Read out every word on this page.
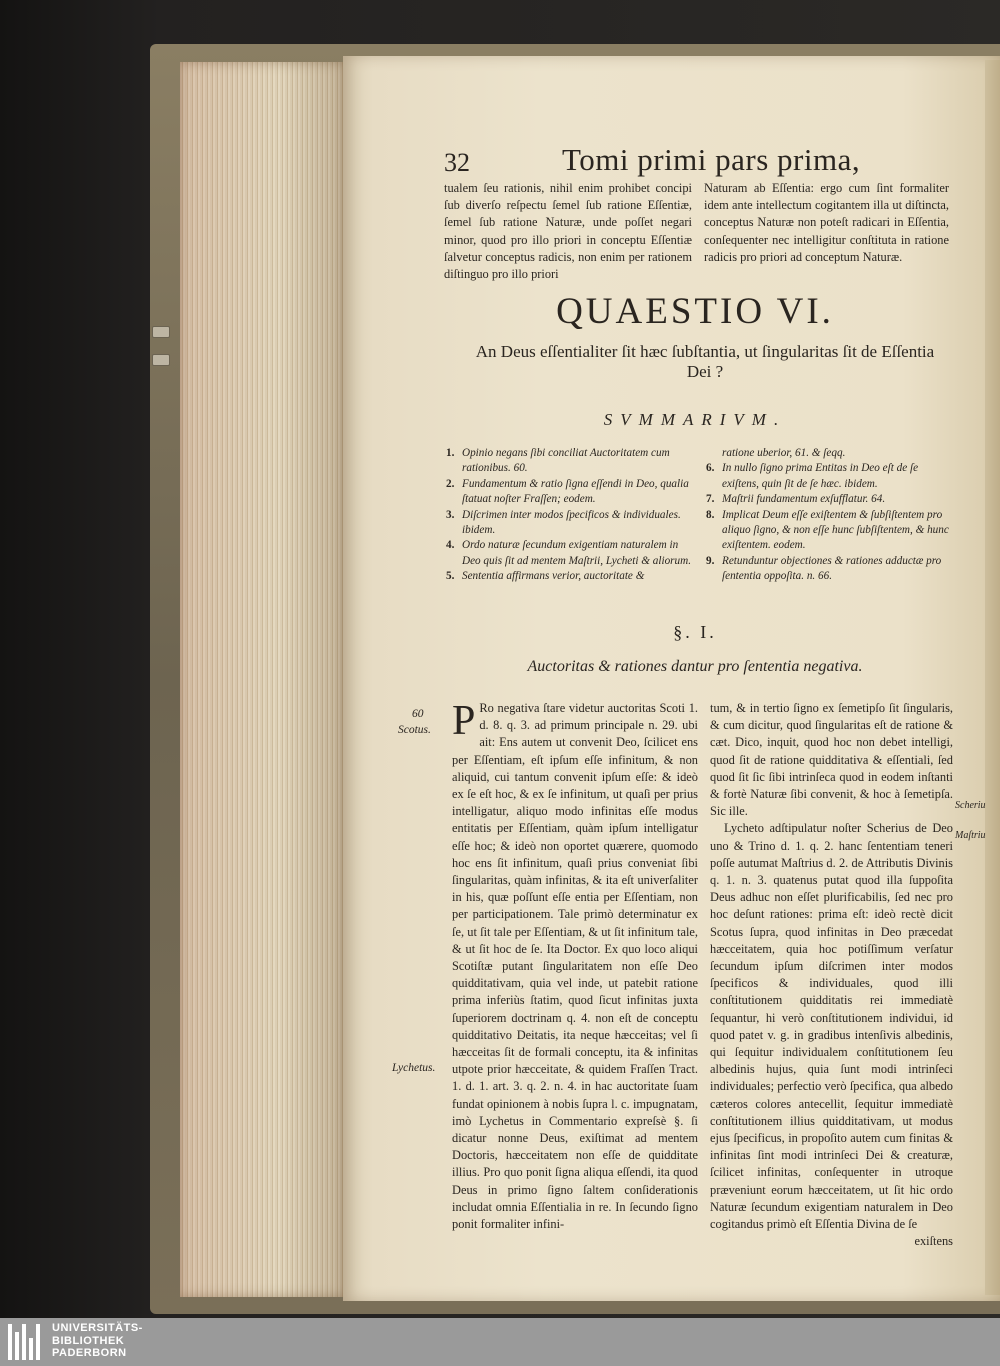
32	Tomi primi pars prima,

tualem ſeu rationis, nihil enim prohibet concipi ſub diverſo reſpectu ſemel ſub ratione Eſſentiæ, ſemel ſub ratione Naturæ, unde poſſet negari minor, quod pro illo priori in conceptu Eſſentiæ ſalvetur conceptus radicis, non enim per rationem diſtinguo pro illo priori

Naturam ab Eſſentia: ergo cum ſint formaliter idem ante intellectum cogitantem illa ut diſtincta, conceptus Naturæ non poteſt radicari in Eſſentia, conſequenter nec intelligitur conſtituta in ratione radicis pro priori ad conceptum Naturæ.

QUAESTIO VI.
An Deus eſſentialiter ſit hæc ſubſtantia, ut ſingularitas ſit de Eſſentia Dei ?
SVMMARIVM.
1. Opinio negans ſibi conciliat Auctoritatem cum rationibus. 60.
2. Fundamentum & ratio ſigna eſſendi in Deo, qualia ſtatuat noſter Fraſſen; eodem.
3. Diſcrimen inter modos ſpecificos & individuales. ibidem.
4. Ordo naturæ ſecundum exigentiam naturalem in Deo quis ſit ad mentem Maſtrii, Lycheti & aliorum.
5. Sententia affirmans verior, auctoritate &
ratione uberior, 61. & ſeqq.
6. In nullo ſigno prima Entitas in Deo eſt de ſe exiſtens, quin ſit de ſe hæc. ibidem.
7. Maſtrii fundamentum exſufflatur. 64.
8. Implicat Deum eſſe exiſtentem & ſubſiſtentem pro aliquo ſigno, & non eſſe hunc ſubſiſtentem, & hunc exiſtentem. eodem.
9. Retunduntur objectiones & rationes adductæ pro ſententia oppoſita. n. 66.
§. I.
Auctoritas & rationes dantur pro ſententia negativa.
60
Scotus.
Lychetus.
Scheriu
Maſtriu

P Ro negativa ſtare videtur auctoritas Scoti 1. d. 8. q. 3. ad primum principale n. 29. ubi ait: Ens autem ut convenit Deo, ſcilicet ens per Eſſentiam, eſt ipſum eſſe infinitum, & non aliquid, cui tantum convenit ipſum eſſe: & ideò ex ſe eſt hoc, & ex ſe infinitum, ut quaſi per prius intelligatur, aliquo modo infinitas eſſe modus entitatis per Eſſentiam, quàm ipſum intelligatur eſſe hoc; & ideò non oportet quærere, quomodo hoc ens ſit infinitum, quaſi prius conveniat ſibi ſingularitas, quàm infinitas, & ita eſt univerſaliter in his, quæ poſſunt eſſe entia per Eſſentiam, non per participationem. Tale primò determinatur ex ſe, ut ſit tale per Eſſentiam, & ut ſit infinitum tale, & ut ſit hoc de ſe. Ita Doctor. Ex quo loco aliqui Scotiſtæ putant ſingularitatem non eſſe Deo quidditativam, quia vel inde, ut patebit ratione prima inferiùs ſtatim, quod ſicut infinitas juxta ſuperiorem doctrinam q. 4. non eſt de conceptu quidditativo Deitatis, ita neque hæcceitas; vel ſi hæcceitas ſit de formali conceptu, ita & infinitas utpote prior hæcceitate, & quidem Fraſſen Tract. 1. d. 1. art. 3. q. 2. n. 4. in hac auctoritate ſuam fundat opinionem à nobis ſupra l. c. impugnatam, imò Lychetus in Commentario expreſsè §. ſi dicatur nonne Deus, exiſtimat ad mentem Doctoris, hæcceitatem non eſſe de quidditate illius. Pro quo ponit ſigna aliqua eſſendi, ita quod Deus in primo ſigno ſaltem conſiderationis includat omnia Eſſentialia in re. In ſecundo ſigno ponit formaliter infini-

tum, & in tertio ſigno ex ſemetipſo ſit ſingularis, & cum dicitur, quod ſingularitas eſt de ratione & cæt. Dico, inquit, quod hoc non debet intelligi, quod ſit de ratione quidditativa & eſſentiali, ſed quod ſit ſic ſibi intrinſeca quod in eodem inſtanti & fortè Naturæ ſibi convenit, & hoc à ſemetipſa. Sic ille.

Lycheto adſtipulatur noſter Scherius de Deo uno & Trino d. 1. q. 2. hanc ſententiam teneri poſſe autumat Maſtrius d. 2. de Attributis Divinis q. 1. n. 3. quatenus putat quod illa ſuppoſita Deus adhuc non eſſet plurificabilis, ſed nec pro hoc deſunt rationes: prima eſt: ideò rectè dicit Scotus ſupra, quod infinitas in Deo præcedat hæcceitatem, quia hoc potiſſimum verſatur ſecundum ipſum diſcrimen inter modos ſpecificos & individuales, quod illi conſtitutionem quidditatis rei immediatè ſequantur, hi verò conſtitutionem individui, id quod patet v. g. in gradibus intenſivis albedinis, qui ſequitur individualem conſtitutionem ſeu albedinis hujus, quia ſunt modi intrinſeci individuales; perfectio verò ſpecifica, qua albedo cæteros colores antecellit, ſequitur immediatè conſtitutionem illius quidditativam, ut modus ejus ſpecificus, in propoſito autem cum finitas & infinitas ſint modi intrinſeci Dei & creaturæ, ſcilicet infinitas, conſequenter in utroque præveniunt eorum hæcceitatem, ut ſit hic ordo Naturæ ſecundum exigentiam naturalem in Deo cogitandus primò eſt Eſſentia Divina de ſe

exiſtens

UNIVERSITÄTS-
BIBLIOTHEK
PADERBORN
